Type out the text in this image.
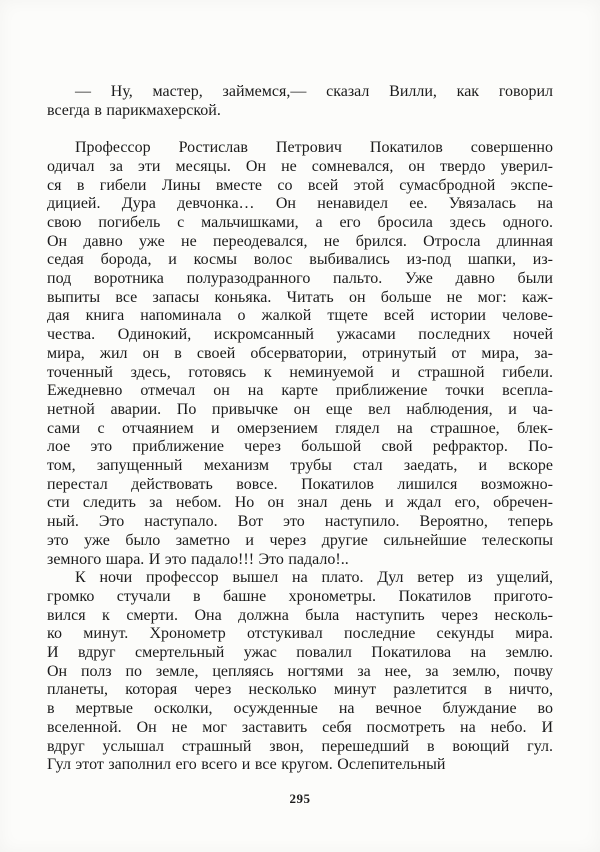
— Ну, мастер, займемся,— сказал Вилли, как говорил
всегда в парикмахерской.
Профессор Ростислав Петрович Покатилов совершенно
одичал за эти месяцы. Он не сомневался, он твердо уверил-
ся в гибели Лины вместе со всей этой сумасбродной экспе-
дицией. Дура девчонка… Он ненавидел ее. Увязалась на
свою погибель с мальчишками, а его бросила здесь одного.
Он давно уже не переодевался, не брился. Отросла длинная
седая борода, и космы волос выбивались из-под шапки, из-
под воротника полуразодранного пальто. Уже давно были
выпиты все запасы коньяка. Читать он больше не мог: каж-
дая книга напоминала о жалкой тщете всей истории челове-
чества. Одинокий, искромсанный ужасами последних ночей
мира, жил он в своей обсерватории, отринутый от мира, за-
точенный здесь, готовясь к неминуемой и страшной гибели.
Ежедневно отмечал он на карте приближение точки всепла-
нетной аварии. По привычке он еще вел наблюдения, и ча-
сами с отчаянием и омерзением глядел на страшное, блек-
лое это приближение через большой свой рефрактор. По-
том, запущенный механизм трубы стал заедать, и вскоре
перестал действовать вовсе. Покатилов лишился возможно-
сти следить за небом. Но он знал день и ждал его, обречен-
ный. Это наступало. Вот это наступило. Вероятно, теперь
это уже было заметно и через другие сильнейшие телескопы
земного шара. И это падало!!! Это падало!..
К ночи профессор вышел на плато. Дул ветер из ущелий,
громко стучали в башне хронометры. Покатилов пригото-
вился к смерти. Она должна была наступить через несколь-
ко минут. Хронометр отстукивал последние секунды мира.
И вдруг смертельный ужас повалил Покатилова на землю.
Он полз по земле, цепляясь ногтями за нее, за землю, почву
планеты, которая через несколько минут разлетится в ничто,
в мертвые осколки, осужденные на вечное блуждание во
вселенной. Он не мог заставить себя посмотреть на небо. И
вдруг услышал страшный звон, перешедший в воющий гул.
Гул этот заполнил его всего и все кругом. Ослепительный
295
